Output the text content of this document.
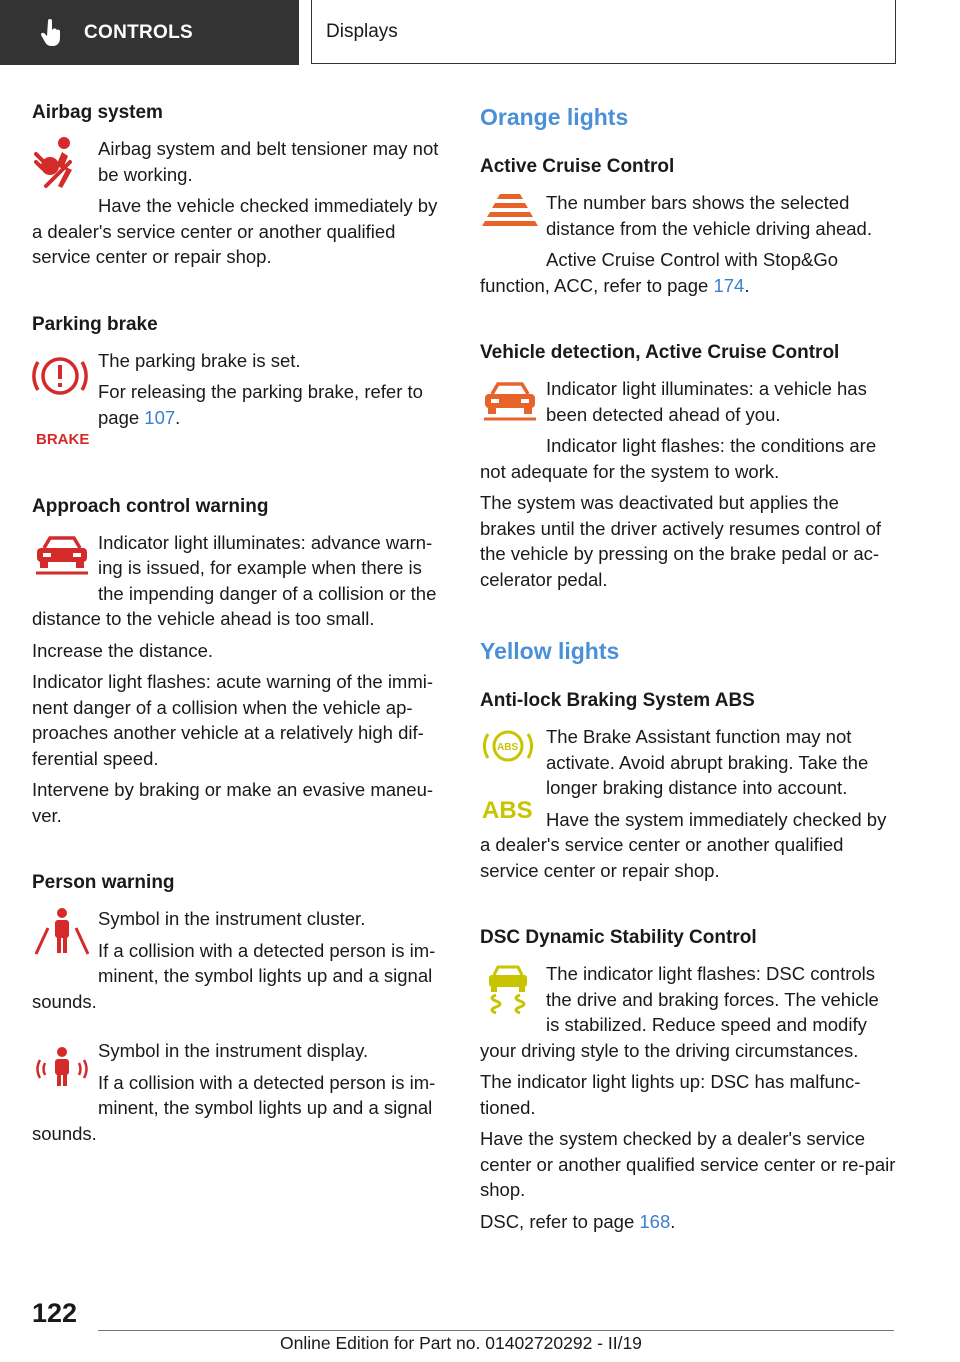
CONTROLS	Displays
Airbag system

Airbag system and belt tensioner may not be working.

Have the vehicle checked immediately by a dealer's service center or another qualified service center or repair shop.

Parking brake
BRAKE

The parking brake is set.

For releasing the parking brake, refer to page 107.

Approach control warning

Indicator light illuminates: advance warn‐ing is issued, for example when there is the impending danger of a collision or the distance to the vehicle ahead is too small.

Increase the distance.

Indicator light flashes: acute warning of the immi‐nent danger of a collision when the vehicle ap‐proaches another vehicle at a relatively high dif‐ferential speed.

Intervene by braking or make an evasive maneu‐ver.

Person warning

Symbol in the instrument cluster.

If a collision with a detected person is im‐minent, the symbol lights up and a signal sounds.

Symbol in the instrument display.

If a collision with a detected person is im‐minent, the symbol lights up and a signal sounds.

Orange lights
Active Cruise Control

The number bars shows the selected distance from the vehicle driving ahead.

Active Cruise Control with Stop&Go function, ACC, refer to page 174.

Vehicle detection, Active Cruise Control

Indicator light illuminates: a vehicle has been detected ahead of you.

Indicator light flashes: the conditions are not adequate for the system to work.

The system was deactivated but applies the brakes until the driver actively resumes control of the vehicle by pressing on the brake pedal or ac‐celerator pedal.

Yellow lights
Anti-lock Braking System ABS
ABS
ABS

The Brake Assistant function may not activate. Avoid abrupt braking. Take the longer braking distance into account.

Have the system immediately checked by a dealer's service center or another qualified service center or repair shop.

DSC Dynamic Stability Control

The indicator light flashes: DSC controls the drive and braking forces. The vehicle is stabilized. Reduce speed and modify your driving style to the driving circumstances.

The indicator light lights up: DSC has malfunc‐tioned.

Have the system checked by a dealer's service center or another qualified service center or re‐pair shop.

DSC, refer to page 168.

122
Online Edition for Part no. 01402720292 - II/19
